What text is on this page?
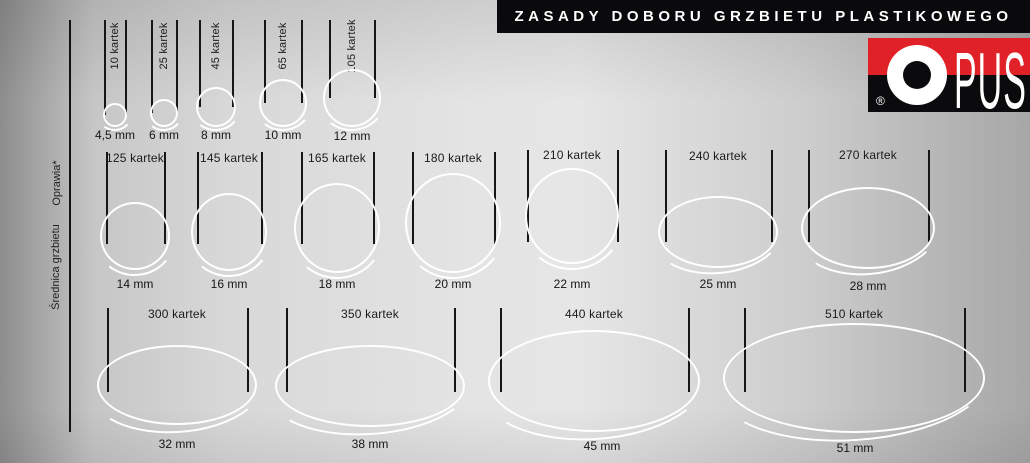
Oprawia*
Średnica grzbietu
ZASADY DOBORU GRZBIETU PLASTIKOWEGO
® PUS
10 kartek
4,5 mm
25 kartek
6 mm
45 kartek
8 mm
65 kartek
10 mm
105 kartek
12 mm
125 kartek
14 mm
145 kartek
16 mm
165 kartek
18 mm
180 kartek
20 mm
210 kartek
22 mm
240 kartek
25 mm
270 kartek
28 mm
300 kartek
32 mm
350 kartek
38 mm
440 kartek
45 mm
510 kartek
51 mm
